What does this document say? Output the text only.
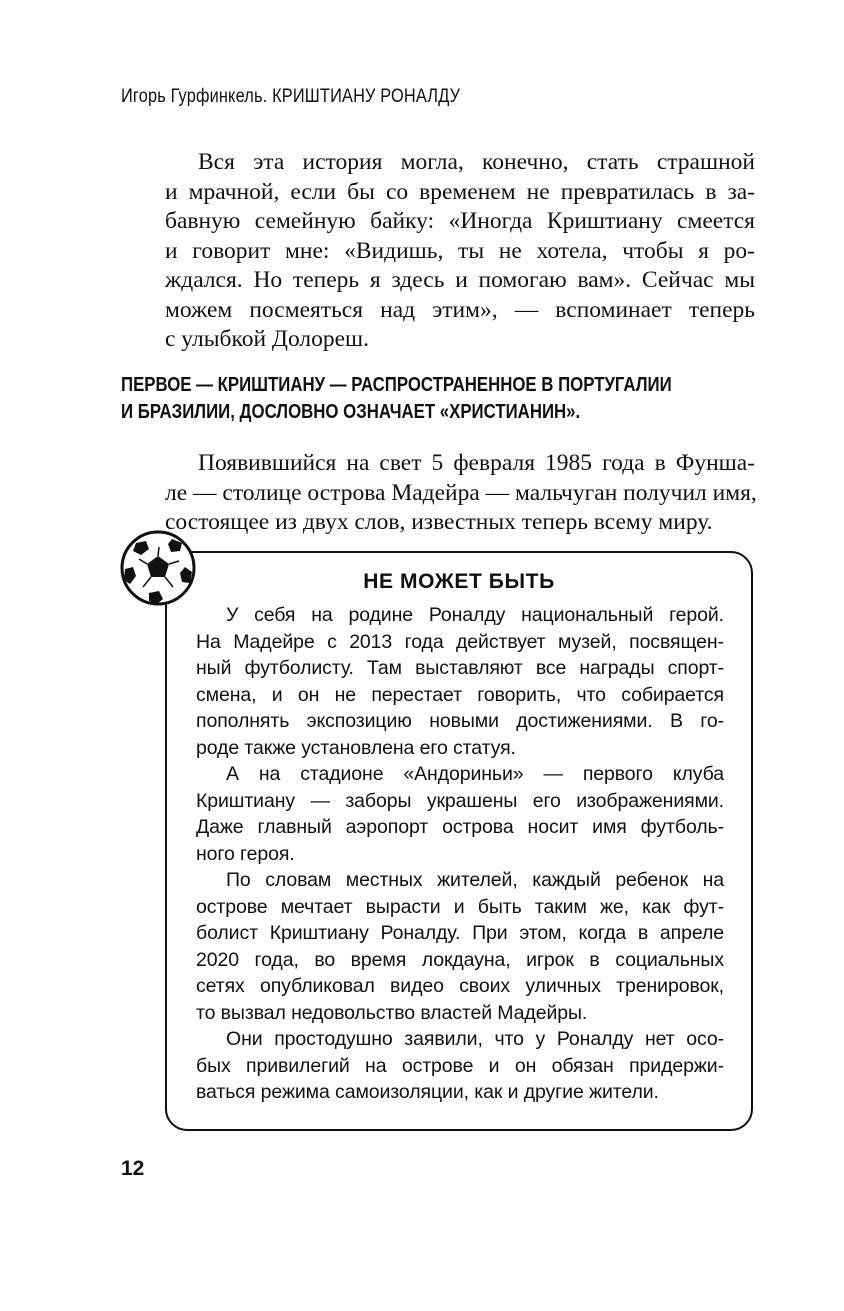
Игорь Гурфинкель. КРИШТИАНУ РОНАЛДУ
Вся эта история могла, конечно, стать страшной
и мрачной, если бы со временем не превратилась в за-
бавную семейную байку: «Иногда Криштиану смеется
и говорит мне: «Видишь, ты не хотела, чтобы я ро-
ждался. Но теперь я здесь и помогаю вам». Сейчас мы
можем посмеяться над этим», — вспоминает теперь
с улыбкой Долореш.
ПЕРВОЕ — КРИШТИАНУ — РАСПРОСТРАНЕННОЕ В ПОРТУГАЛИИ
И БРАЗИЛИИ, ДОСЛОВНО ОЗНАЧАЕТ «ХРИСТИАНИН».
Появившийся на свет 5 февраля 1985 года в Фунша-
ле — столице острова Мадейра — мальчуган получил имя,
состоящее из двух слов, известных теперь всему миру.
НЕ МОЖЕТ БЫТЬ
У себя на родине Роналду национальный герой.
На Мадейре с 2013 года действует музей, посвящен-
ный футболисту. Там выставляют все награды спорт-
смена, и он не перестает говорить, что собирается
пополнять экспозицию новыми достижениями. В го-
роде также установлена его статуя.
А на стадионе «Андориньи» — первого клуба
Криштиану — заборы украшены его изображениями.
Даже главный аэропорт острова носит имя футболь-
ного героя.
По словам местных жителей, каждый ребенок на
острове мечтает вырасти и быть таким же, как фут-
болист Криштиану Роналду. При этом, когда в апреле
2020 года, во время локдауна, игрок в социальных
сетях опубликовал видео своих уличных тренировок,
то вызвал недовольство властей Мадейры.
Они простодушно заявили, что у Роналду нет осо-
бых привилегий на острове и он обязан придержи-
ваться режима самоизоляции, как и другие жители.
12
